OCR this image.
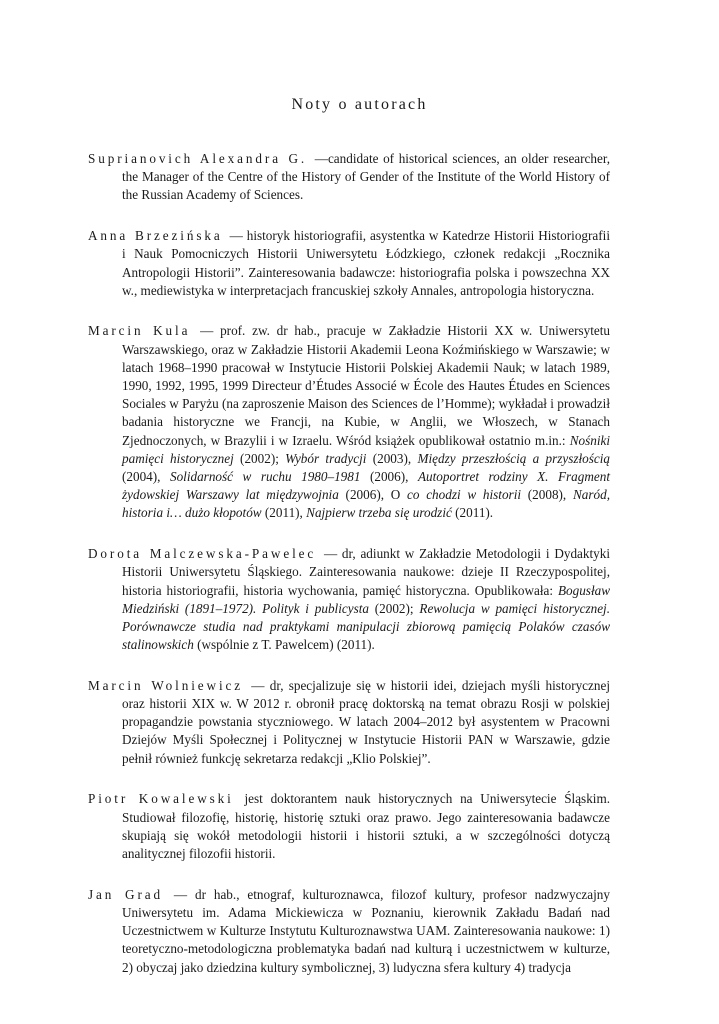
Noty o autorach

Suprianovich Alexandra G. —candidate of historical sciences, an older researcher, the Manager of the Centre of the History of Gender of the Institute of the World History of the Russian Academy of Sciences.

Anna Brzezińska — historyk historiografii, asystentka w Katedrze Historii Historiografii i Nauk Pomocniczych Historii Uniwersytetu Łódzkiego, członek redakcji „Rocznika Antropologii Historii”. Zainteresowania badawcze: historiografia polska i powszechna XX w., mediewistyka w interpretacjach francuskiej szkoły Annales, antropologia historyczna.

Marcin Kula — prof. zw. dr hab., pracuje w Zakładzie Historii XX w. Uniwersytetu Warszawskiego, oraz w Zakładzie Historii Akademii Leona Koźmińskiego w Warszawie; w latach 1968–1990 pracował w Instytucie Historii Polskiej Akademii Nauk; w latach 1989, 1990, 1992, 1995, 1999 Directeur d’Études Associé w École des Hautes Études en Sciences Sociales w Paryżu (na zaproszenie Maison des Sciences de l’Homme); wykładał i prowadził badania historyczne we Francji, na Kubie, w Anglii, we Włoszech, w Stanach Zjednoczonych, w Brazylii i w Izraelu. Wśród książek opublikował ostatnio m.in.: Nośniki pamięci historycznej (2002); Wybór tradycji (2003), Między przeszłością a przyszłością (2004), Solidarność w ruchu 1980–1981 (2006), Autoportret rodziny X. Fragment żydowskiej Warszawy lat międzywojnia (2006), O co chodzi w historii (2008), Naród, historia i… dużo kłopotów (2011), Najpierw trzeba się urodzić (2011).

Dorota Malczewska-Pawelec — dr, adiunkt w Zakładzie Metodologii i Dydaktyki Historii Uniwersytetu Śląskiego. Zainteresowania naukowe: dzieje II Rzeczypospolitej, historia historiografii, historia wychowania, pamięć historyczna. Opublikowała: Bogusław Miedziński (1891–1972). Polityk i publicysta (2002); Rewolucja w pamięci historycznej. Porównawcze studia nad praktykami manipulacji zbiorową pamięcią Polaków czasów stalinowskich (wspólnie z T. Pawelcem) (2011).

Marcin Wolniewicz — dr, specjalizuje się w historii idei, dziejach myśli historycznej oraz historii XIX w. W 2012 r. obronił pracę doktorską na temat obrazu Rosji w polskiej propagandzie powstania styczniowego. W latach 2004–2012 był asystentem w Pracowni Dziejów Myśli Społecznej i Politycznej w Instytucie Historii PAN w Warszawie, gdzie pełnił również funkcję sekretarza redakcji „Klio Polskiej”.

Piotr Kowalewski jest doktorantem nauk historycznych na Uniwersytecie Śląskim. Studiował filozofię, historię, historię sztuki oraz prawo. Jego zainteresowania badawcze skupiają się wokół metodologii historii i historii sztuki, a w szczególności dotyczą analitycznej filozofii historii.

Jan Grad — dr hab., etnograf, kulturoznawca, filozof kultury, profesor nadzwyczajny Uniwersytetu im. Adama Mickiewicza w Poznaniu, kierownik Zakładu Badań nad Uczestnictwem w Kulturze Instytutu Kulturoznawstwa UAM. Zainteresowania naukowe: 1) teoretyczno-metodologiczna problematyka badań nad kulturą i uczestnictwem w kulturze, 2) obyczaj jako dziedzina kultury symbolicznej, 3) ludyczna sfera kultury 4) tradycja
